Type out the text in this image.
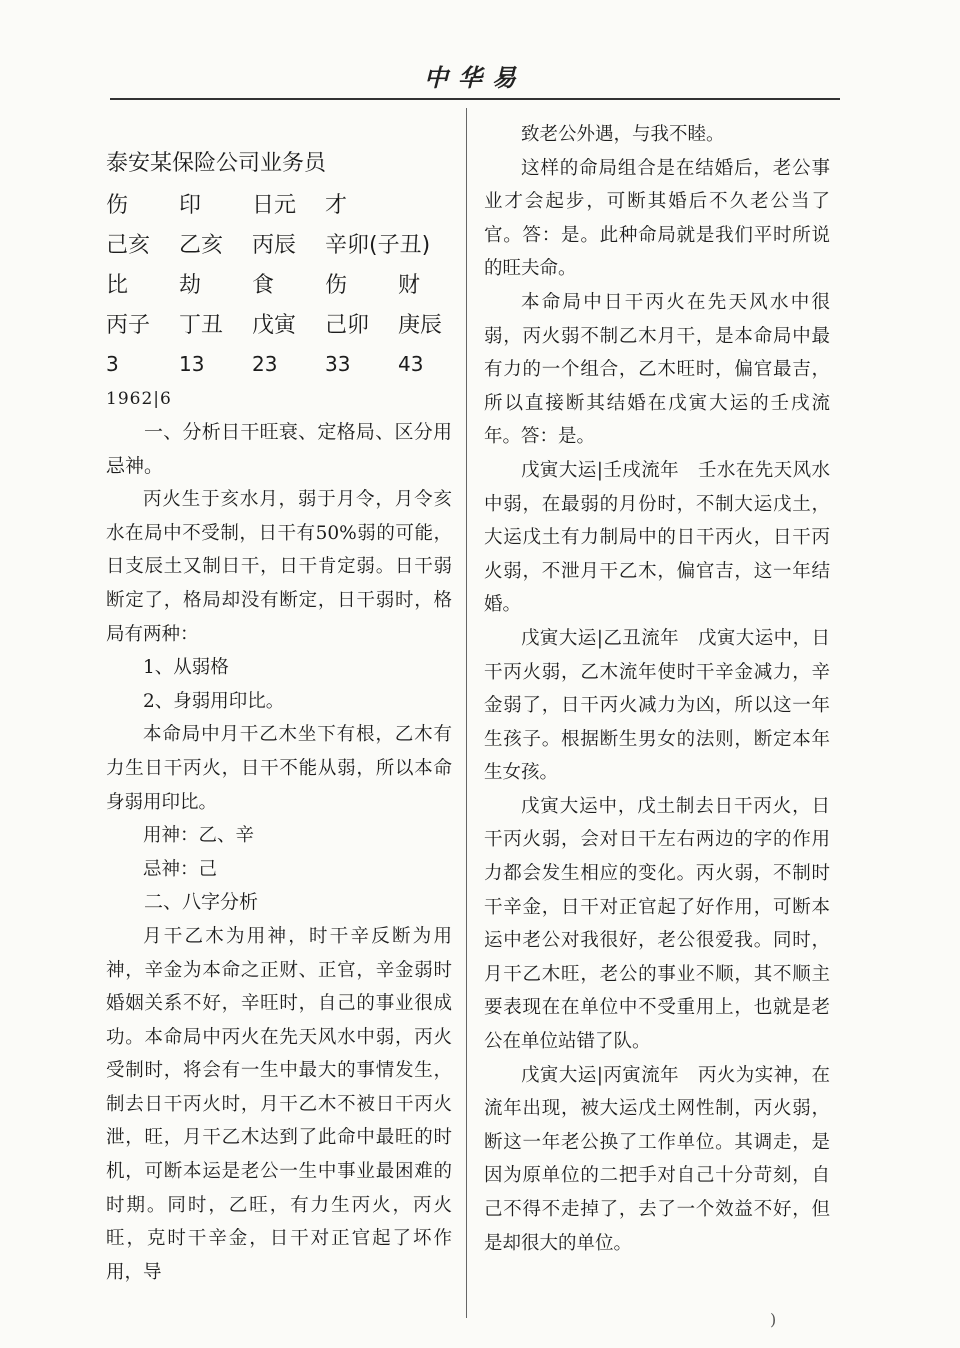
中华易
泰安某保险公司业务员
伤	印	日元	才
己亥	乙亥	丙辰	辛卯(子丑)
比	劫	食	伤	财
丙子	丁丑	戊寅	己卯	庚辰
3	13	23	33	43
1962|6

一、分析日干旺衰、定格局、区分用忌神。

丙火生于亥水月，弱于月令，月令亥水在局中不受制，日干有50%弱的可能，日支辰土又制日干，日干肯定弱。日干弱断定了，格局却没有断定，日干弱时，格局有两种：

1、从弱格

2、身弱用印比。

本命局中月干乙木坐下有根，乙木有力生日干丙火，日干不能从弱，所以本命身弱用印比。

用神：乙、辛

忌神：己

二、八字分析

月干乙木为用神，时干辛反断为用神，辛金为本命之正财、正官，辛金弱时婚姻关系不好，辛旺时，自己的事业很成功。本命局中丙火在先天风水中弱，丙火受制时，将会有一生中最大的事情发生，制去日干丙火时，月干乙木不被日干丙火泄，旺，月干乙木达到了此命中最旺的时机，可断本运是老公一生中事业最困难的时期。同时，乙旺，有力生丙火，丙火旺，克时干辛金，日干对正官起了坏作用，导

致老公外遇，与我不睦。

这样的命局组合是在结婚后，老公事业才会起步，可断其婚后不久老公当了官。答：是。此种命局就是我们平时所说的旺夫命。

本命局中日干丙火在先天风水中很弱，丙火弱不制乙木月干，是本命局中最有力的一个组合，乙木旺时，偏官最吉，所以直接断其结婚在戊寅大运的壬戌流年。答：是。

戊寅大运|壬戌流年　壬水在先天风水中弱，在最弱的月份时，不制大运戊土，大运戊土有力制局中的日干丙火，日干丙火弱，不泄月干乙木，偏官吉，这一年结婚。

戊寅大运|乙丑流年　戊寅大运中，日干丙火弱，乙木流年使时干辛金减力，辛金弱了，日干丙火减力为凶，所以这一年生孩子。根据断生男女的法则，断定本年生女孩。

戊寅大运中，戊土制去日干丙火，日干丙火弱，会对日干左右两边的字的作用力都会发生相应的变化。丙火弱，不制时干辛金，日干对正官起了好作用，可断本运中老公对我很好，老公很爱我。同时，月干乙木旺，老公的事业不顺，其不顺主要表现在在单位中不受重用上，也就是老公在单位站错了队。

戊寅大运|丙寅流年　丙火为实神，在流年出现，被大运戊土网性制，丙火弱，断这一年老公换了工作单位。其调走，是因为原单位的二把手对自己十分苛刻，自己不得不走掉了，去了一个效益不好，但是却很大的单位。

)
